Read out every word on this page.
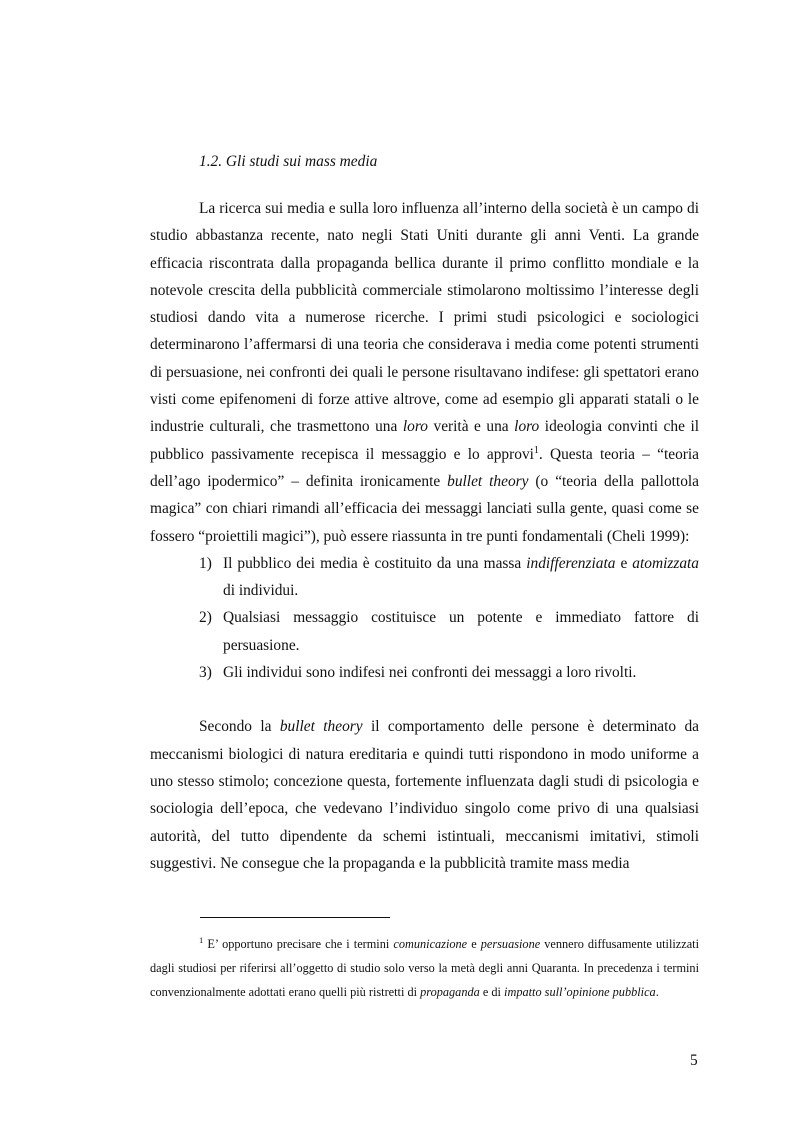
1.2. Gli studi sui mass media

La ricerca sui media e sulla loro influenza all’interno della società è un campo di studio abbastanza recente, nato negli Stati Uniti durante gli anni Venti. La grande efficacia riscontrata dalla propaganda bellica durante il primo conflitto mondiale e la notevole crescita della pubblicità commerciale stimolarono moltissimo l’interesse degli studiosi dando vita a numerose ricerche. I primi studi psicologici e sociologici determinarono l’affermarsi di una teoria che considerava i media come potenti strumenti di persuasione, nei confronti dei quali le persone risultavano indifese: gli spettatori erano visti come epifenomeni di forze attive altrove, come ad esempio gli apparati statali o le industrie culturali, che trasmettono una loro verità e una loro ideologia convinti che il pubblico passivamente recepisca il messaggio e lo approvi$^1$. Questa teoria – “teoria dell’ago ipodermico” – definita ironicamente bullet theory (o “teoria della pallottola magica” con chiari rimandi all’efficacia dei messaggi lanciati sulla gente, quasi come se fossero “proiettili magici”), può essere riassunta in tre punti fondamentali (Cheli 1999):

1) Il pubblico dei media è costituito da una massa indifferenziata e atomizzata di individui.
2) Qualsiasi messaggio costituisce un potente e immediato fattore di persuasione.
3) Gli individui sono indifesi nei confronti dei messaggi a loro rivolti.

Secondo la bullet theory il comportamento delle persone è determinato da meccanismi biologici di natura ereditaria e quindi tutti rispondono in modo uniforme a uno stesso stimolo; concezione questa, fortemente influenzata dagli studi di psicologia e sociologia dell’epoca, che vedevano l’individuo singolo come privo di una qualsiasi autorità, del tutto dipendente da schemi istintuali, meccanismi imitativi, stimoli suggestivi. Ne consegue che la propaganda e la pubblicità tramite mass media

$^1$ E’ opportuno precisare che i termini comunicazione e persuasione vennero diffusamente utilizzati dagli studiosi per riferirsi all’oggetto di studio solo verso la metà degli anni Quaranta. In precedenza i termini convenzionalmente adottati erano quelli più ristretti di propaganda e di impatto sull’opinione pubblica.

5
